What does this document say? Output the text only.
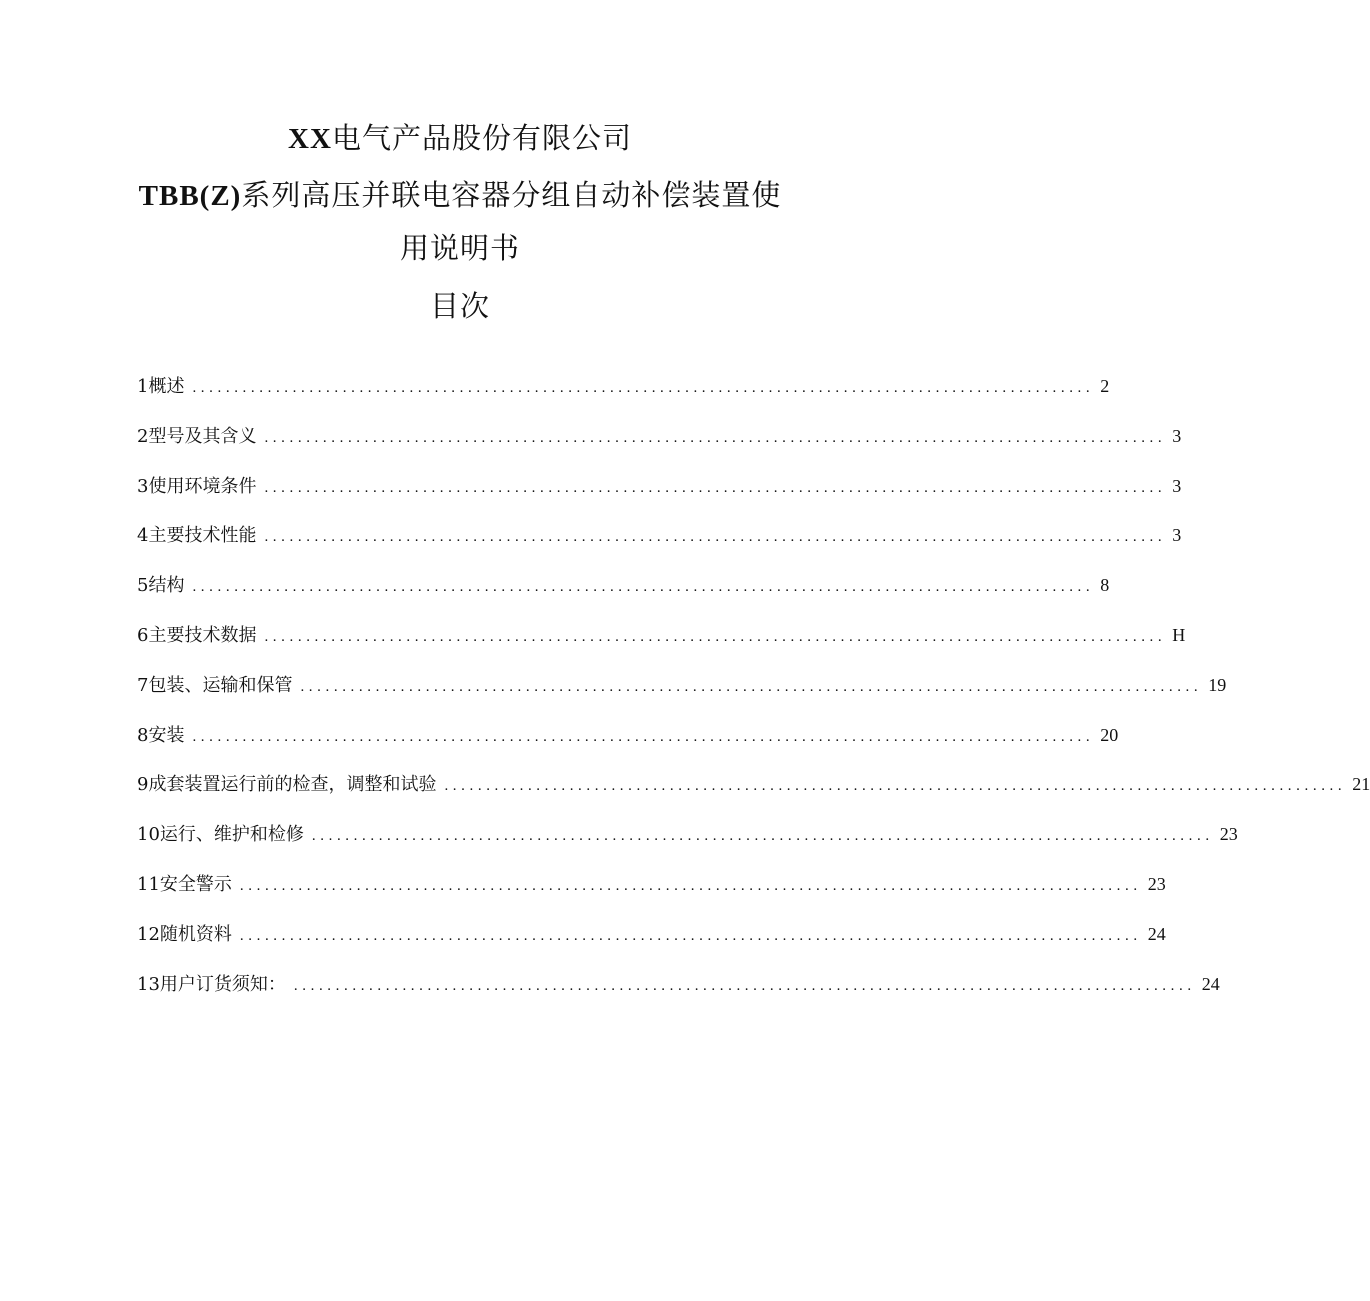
XX电气产品股份有限公司
TBB(Z)系列高压并联电容器分组自动补偿装置使
用说明书
目次
1概述 ............................................................................................................ 2
2型号及其含义 ............................................................................................................ 3
3使用环境条件 ............................................................................................................ 3
4主要技术性能 ............................................................................................................ 3
5结构 ............................................................................................................ 8
6主要技术数据 ............................................................................................................ H
7包装、运输和保管 ............................................................................................................ 19
8安装 ............................................................................................................ 20
9成套装置运行前的检查，调整和试验 ............................................................................................................ 21
10运行、维护和检修 ............................................................................................................ 23
11安全警示 ............................................................................................................ 23
12随机资料 ............................................................................................................ 24
13用户订货须知： ............................................................................................................ 24
